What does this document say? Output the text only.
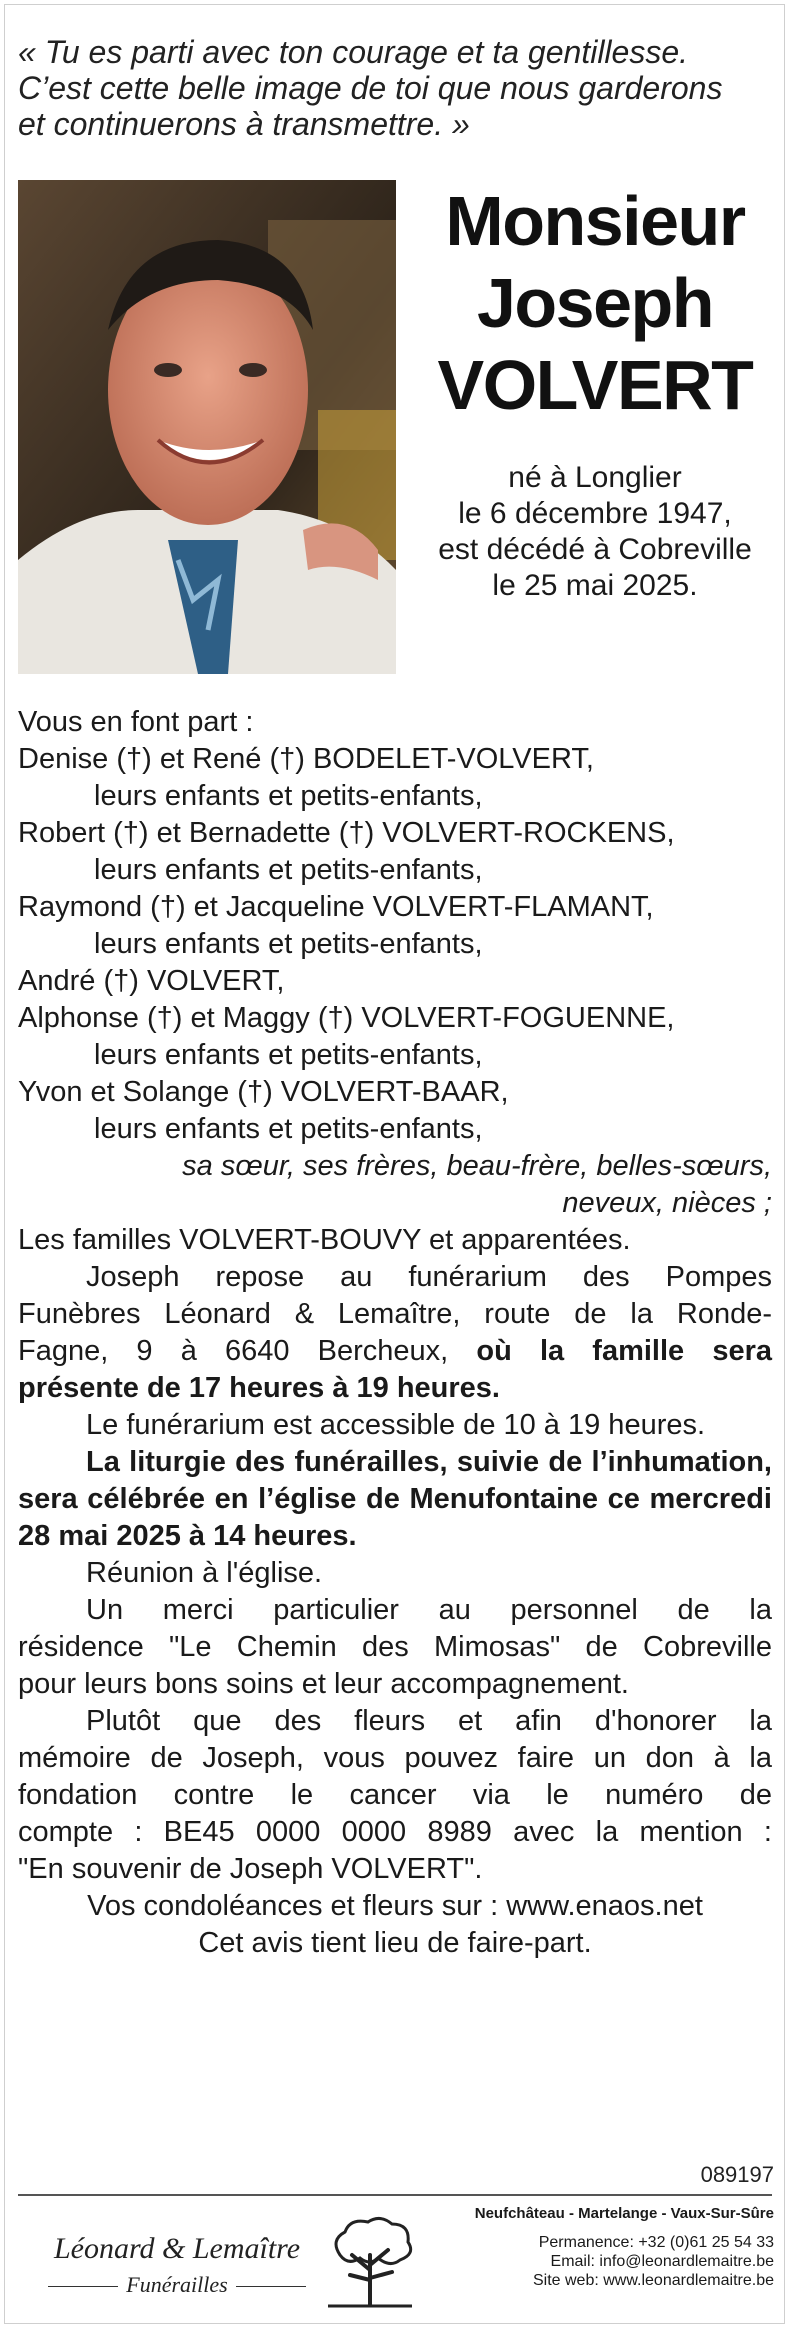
« Tu es parti avec ton courage et ta gentillesse.
C’est cette belle image de toi que nous garderons
et continuerons à transmettre. »
Monsieur
Joseph
VOLVERT
né à Longlier
le 6 décembre 1947,
est décédé à Cobreville
le 25 mai 2025.
Vous en font part :
Denise (†) et René (†) BODELET-VOLVERT,
leurs enfants et petits-enfants,
Robert (†) et Bernadette (†) VOLVERT-ROCKENS,
leurs enfants et petits-enfants,
Raymond (†) et Jacqueline VOLVERT-FLAMANT,
leurs enfants et petits-enfants,
André (†) VOLVERT,
Alphonse (†) et Maggy (†) VOLVERT-FOGUENNE,
leurs enfants et petits-enfants,
Yvon et Solange (†) VOLVERT-BAAR,
leurs enfants et petits-enfants,
sa sœur, ses frères, beau-frère, belles-sœurs,
neveux, nièces ;
Les familles VOLVERT-BOUVY et apparentées.
Joseph repose au funérarium des Pompes
Funèbres Léonard & Lemaître, route de la Ronde-
Fagne, 9 à 6640 Bercheux, où la famille sera
présente de 17 heures à 19 heures.
Le funérarium est accessible de 10 à 19 heures.
La liturgie des funérailles, suivie de l’inhumation,
sera célébrée en l’église de Menufontaine ce mercredi
28 mai 2025 à 14 heures.
Réunion à l'église.
Un merci particulier au personnel de la
résidence "Le Chemin des Mimosas" de Cobreville
pour leurs bons soins et leur accompagnement.
Plutôt que des fleurs et afin d'honorer la
mémoire de Joseph, vous pouvez faire un don à la
fondation contre le cancer via le numéro de
compte : BE45 0000 0000 8989 avec la mention :
"En souvenir de Joseph VOLVERT".
Vos condoléances et fleurs sur : www.enaos.net
Cet avis tient lieu de faire-part.
089197
Léonard & Lemaître
Funérailles
Neufchâteau - Martelange - Vaux-Sur-Sûre
Permanence: +32 (0)61 25 54 33
Email: info@leonardlemaitre.be
Site web: www.leonardlemaitre.be
